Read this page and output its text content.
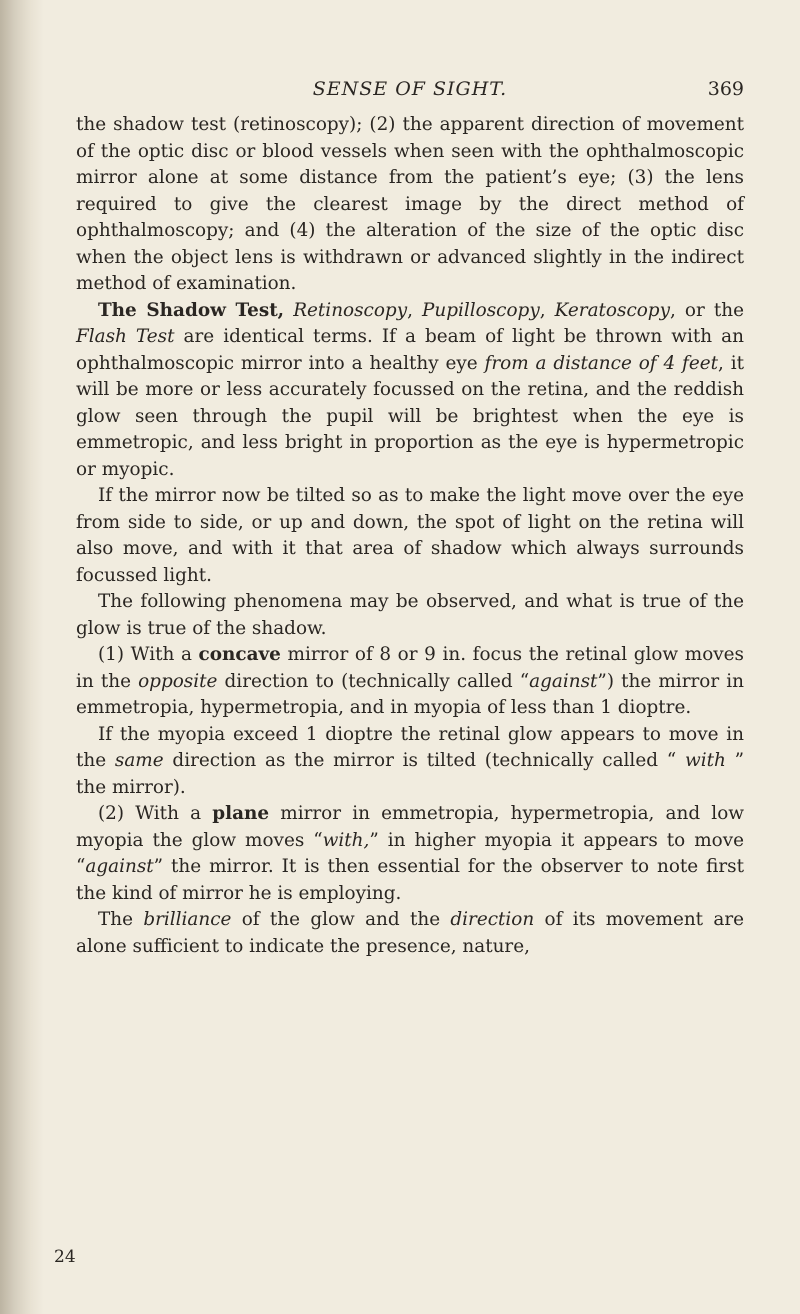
SENSE OF SIGHT.	369

the shadow test (retinoscopy); (2) the apparent direction of movement of the optic disc or blood vessels when seen with the ophthalmoscopic mirror alone at some distance from the patient’s eye; (3) the lens required to give the clearest image by the direct method of ophthalmoscopy; and (4) the alteration of the size of the optic disc when the object lens is withdrawn or advanced slightly in the indirect method of examination.

The Shadow Test, Retinoscopy, Pupilloscopy, Keratoscopy, or the Flash Test are identical terms. If a beam of light be thrown with an ophthalmoscopic mirror into a healthy eye from a distance of 4 feet, it will be more or less accurately focussed on the retina, and the reddish glow seen through the pupil will be brightest when the eye is emmetropic, and less bright in proportion as the eye is hypermetropic or myopic.

If the mirror now be tilted so as to make the light move over the eye from side to side, or up and down, the spot of light on the retina will also move, and with it that area of shadow which always surrounds focussed light.

The following phenomena may be observed, and what is true of the glow is true of the shadow.

(1) With a concave mirror of 8 or 9 in. focus the retinal glow moves in the opposite direction to (technically called “against”) the mirror in emmetropia, hypermetropia, and in myopia of less than 1 dioptre.

If the myopia exceed 1 dioptre the retinal glow appears to move in the same direction as the mirror is tilted (technically called “ with ” the mirror).

(2) With a plane mirror in emmetropia, hypermetropia, and low myopia the glow moves “with,” in higher myopia it appears to move “against” the mirror. It is then essential for the observer to note first the kind of mirror he is employing.

The brilliance of the glow and the direction of its movement are alone sufficient to indicate the presence, nature,

24
